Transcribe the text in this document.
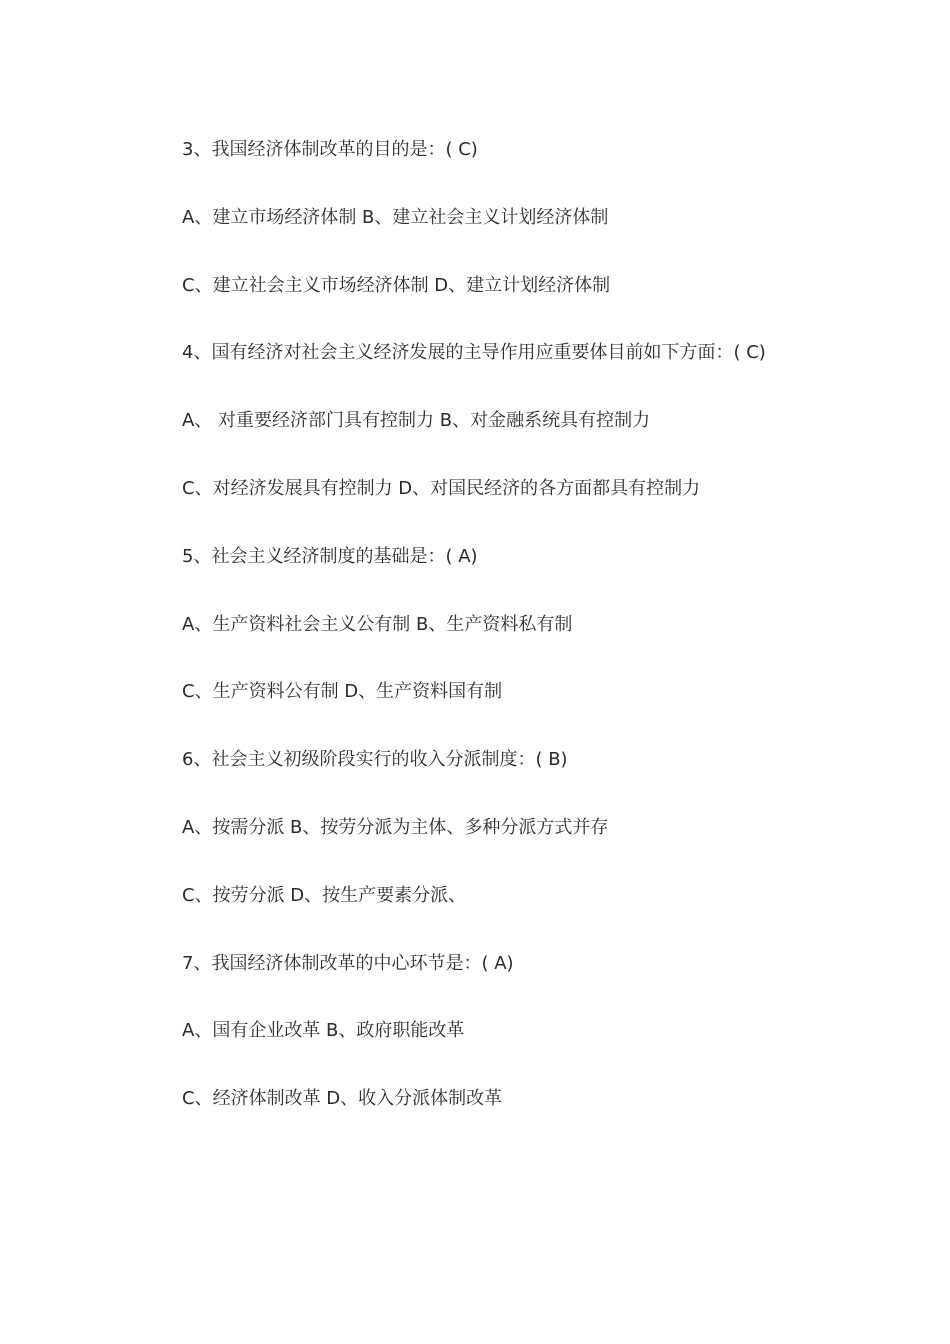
3、我国经济体制改革的目的是：( C)
A、建立市场经济体制 B、建立社会主义计划经济体制
C、建立社会主义市场经济体制 D、建立计划经济体制
4、国有经济对社会主义经济发展的主导作用应重要体目前如下方面：( C)
A、 对重要经济部门具有控制力 B、对金融系统具有控制力
C、对经济发展具有控制力 D、对国民经济的各方面都具有控制力
5、社会主义经济制度的基础是：( A)
A、生产资料社会主义公有制 B、生产资料私有制
C、生产资料公有制 D、生产资料国有制
6、社会主义初级阶段实行的收入分派制度：( B)
A、按需分派 B、按劳分派为主体、多种分派方式并存
C、按劳分派 D、按生产要素分派、
7、我国经济体制改革的中心环节是：( A)
A、国有企业改革 B、政府职能改革
C、经济体制改革 D、收入分派体制改革
